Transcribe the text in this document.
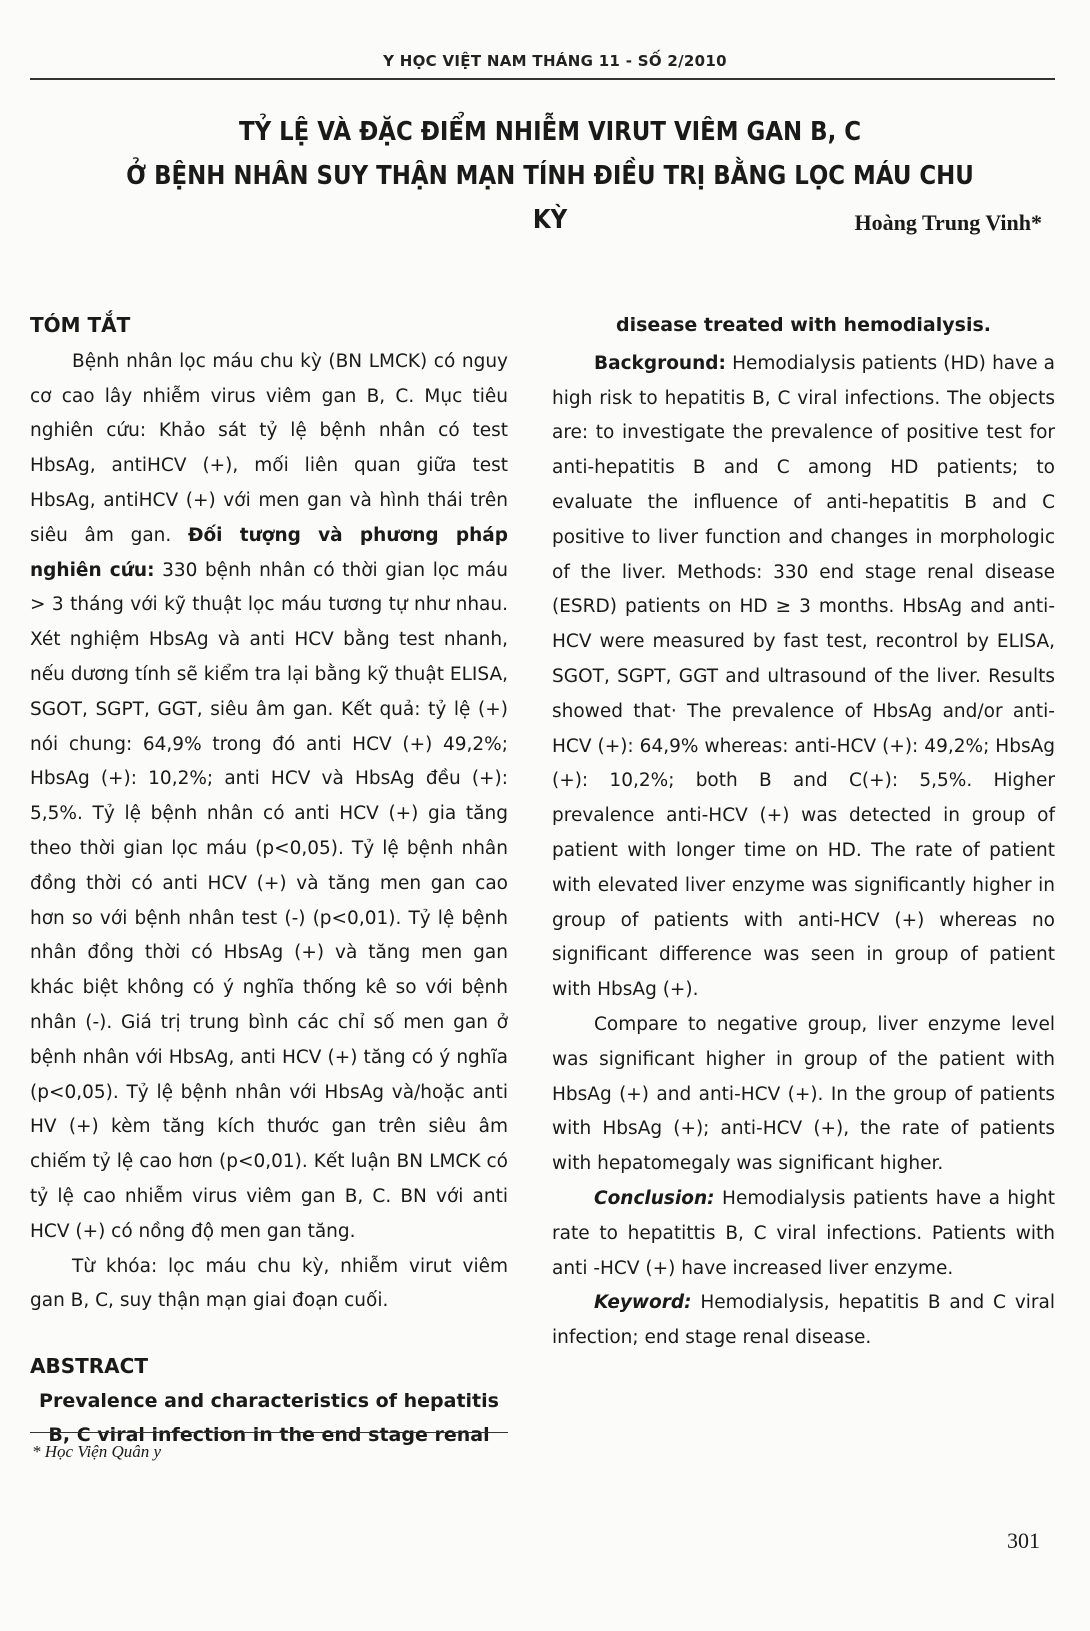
Y HỌC VIỆT NAM THÁNG 11 - SỐ 2/2010
TỶ LỆ VÀ ĐẶC ĐIỂM NHIỄM VIRUT VIÊM GAN B, C
Ở BỆNH NHÂN SUY THẬN MẠN TÍNH ĐIỀU TRỊ BẰNG LỌC MÁU CHU KỲ	Hoàng Trung Vinh*
TÓM TẮT

Bệnh nhân lọc máu chu kỳ (BN LMCK) có nguy cơ cao lây nhiễm virus viêm gan B, C. Mục tiêu nghiên cứu: Khảo sát tỷ lệ bệnh nhân có test HbsAg, antiHCV (+), mối liên quan giữa test HbsAg, antiHCV (+) với men gan và hình thái trên siêu âm gan. Đối tượng và phương pháp nghiên cứu: 330 bệnh nhân có thời gian lọc máu > 3 tháng với kỹ thuật lọc máu tương tự như nhau. Xét nghiệm HbsAg và anti HCV bằng test nhanh, nếu dương tính sẽ kiểm tra lại bằng kỹ thuật ELISA, SGOT, SGPT, GGT, siêu âm gan. Kết quả: tỷ lệ (+) nói chung: 64,9% trong đó anti HCV (+) 49,2%; HbsAg (+): 10,2%; anti HCV và HbsAg đều (+): 5,5%. Tỷ lệ bệnh nhân có anti HCV (+) gia tăng theo thời gian lọc máu (p<0,05). Tỷ lệ bệnh nhân đồng thời có anti HCV (+) và tăng men gan cao hơn so với bệnh nhân test (-) (p<0,01). Tỷ lệ bệnh nhân đồng thời có HbsAg (+) và tăng men gan khác biệt không có ý nghĩa thống kê so với bệnh nhân (-). Giá trị trung bình các chỉ số men gan ở bệnh nhân với HbsAg, anti HCV (+) tăng có ý nghĩa (p<0,05). Tỷ lệ bệnh nhân với HbsAg và/hoặc anti HV (+) kèm tăng kích thước gan trên siêu âm chiếm tỷ lệ cao hơn (p<0,01). Kết luận BN LMCK có tỷ lệ cao nhiễm virus viêm gan B, C. BN với anti HCV (+) có nồng độ men gan tăng.

Từ khóa: lọc máu chu kỳ, nhiễm virut viêm gan B, C, suy thận mạn giai đoạn cuối.

ABSTRACT
Prevalence and characteristics of hepatitis
B, C viral infection in the end stage renal
disease treated with hemodialysis.

Background: Hemodialysis patients (HD) have a high risk to hepatitis B, C viral infections. The objects are: to investigate the prevalence of positive test for anti-hepatitis B and C among HD patients; to evaluate the influence of anti-hepatitis B and C positive to liver function and changes in morphologic of the liver. Methods: 330 end stage renal disease (ESRD) patients on HD ≥ 3 months. HbsAg and anti-HCV were measured by fast test, recontrol by ELISA, SGOT, SGPT, GGT and ultrasound of the liver. Results showed that· The prevalence of HbsAg and/or anti-HCV (+): 64,9% whereas: anti-HCV (+): 49,2%; HbsAg (+): 10,2%; both B and C(+): 5,5%. Higher prevalence anti-HCV (+) was detected in group of patient with longer time on HD. The rate of patient with elevated liver enzyme was significantly higher in group of patients with anti-HCV (+) whereas no significant difference was seen in group of patient with HbsAg (+).

Compare to negative group, liver enzyme level was significant higher in group of the patient with HbsAg (+) and anti-HCV (+). In the group of patients with HbsAg (+); anti-HCV (+), the rate of patients with hepatomegaly was significant higher.

Conclusion: Hemodialysis patients have a hight rate to hepatittis B, C viral infections. Patients with anti -HCV (+) have increased liver enzyme.

Keyword: Hemodialysis, hepatitis B and C viral infection; end stage renal disease.

* Học Viện Quân y
301
